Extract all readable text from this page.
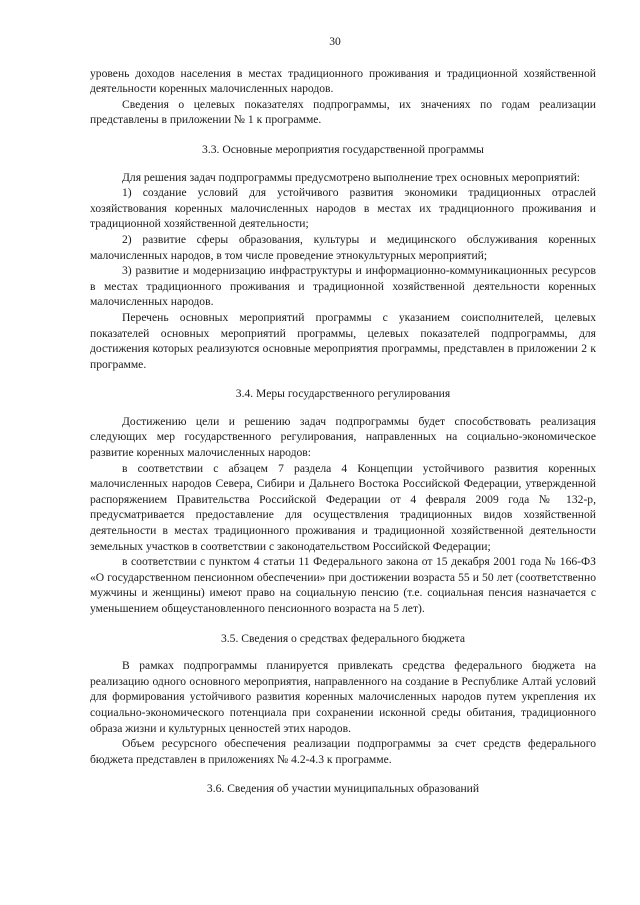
30

уровень доходов населения в местах традиционного проживания и традиционной хозяйственной деятельности коренных малочисленных народов.

Сведения о целевых показателях подпрограммы, их значениях по годам реализации представлены в приложении № 1 к программе.

3.3. Основные мероприятия государственной программы

Для решения задач подпрограммы предусмотрено выполнение трех основных мероприятий:

1) создание условий для устойчивого развития экономики традиционных отраслей хозяйствования коренных малочисленных народов в местах их традиционного проживания и традиционной хозяйственной деятельности;

2) развитие сферы образования, культуры и медицинского обслуживания коренных малочисленных народов, в том числе проведение этнокультурных мероприятий;

3) развитие и модернизацию инфраструктуры и информационно-коммуникационных ресурсов в местах традиционного проживания и традиционной хозяйственной деятельности коренных малочисленных народов.

Перечень основных мероприятий программы с указанием соисполнителей, целевых показателей основных мероприятий программы, целевых показателей подпрограммы, для достижения которых реализуются основные мероприятия программы, представлен в приложении 2 к программе.

3.4. Меры государственного регулирования

Достижению цели и решению задач подпрограммы будет способствовать реализация следующих мер государственного регулирования, направленных на социально-экономическое развитие коренных малочисленных народов:

в соответствии с абзацем 7 раздела 4 Концепции устойчивого развития коренных малочисленных народов Севера, Сибири и Дальнего Востока Российской Федерации, утвержденной распоряжением Правительства Российской Федерации от 4 февраля 2009 года № 132-р, предусматривается предоставление для осуществления традиционных видов хозяйственной деятельности в местах традиционного проживания и традиционной хозяйственной деятельности земельных участков в соответствии с законодательством Российской Федерации;

в соответствии с пунктом 4 статьи 11 Федерального закона от 15 декабря 2001 года № 166-ФЗ «О государственном пенсионном обеспечении» при достижении возраста 55 и 50 лет (соответственно мужчины и женщины) имеют право на социальную пенсию (т.е. социальная пенсия назначается с уменьшением общеустановленного пенсионного возраста на 5 лет).

3.5. Сведения о средствах федерального бюджета

В рамках подпрограммы планируется привлекать средства федерального бюджета на реализацию одного основного мероприятия, направленного на создание в Республике Алтай условий для формирования устойчивого развития коренных малочисленных народов путем укрепления их социально-экономического потенциала при сохранении исконной среды обитания, традиционного образа жизни и культурных ценностей этих народов.

Объем ресурсного обеспечения реализации подпрограммы за счет средств федерального бюджета представлен в приложениях № 4.2-4.3 к программе.

3.6. Сведения об участии муниципальных образований
